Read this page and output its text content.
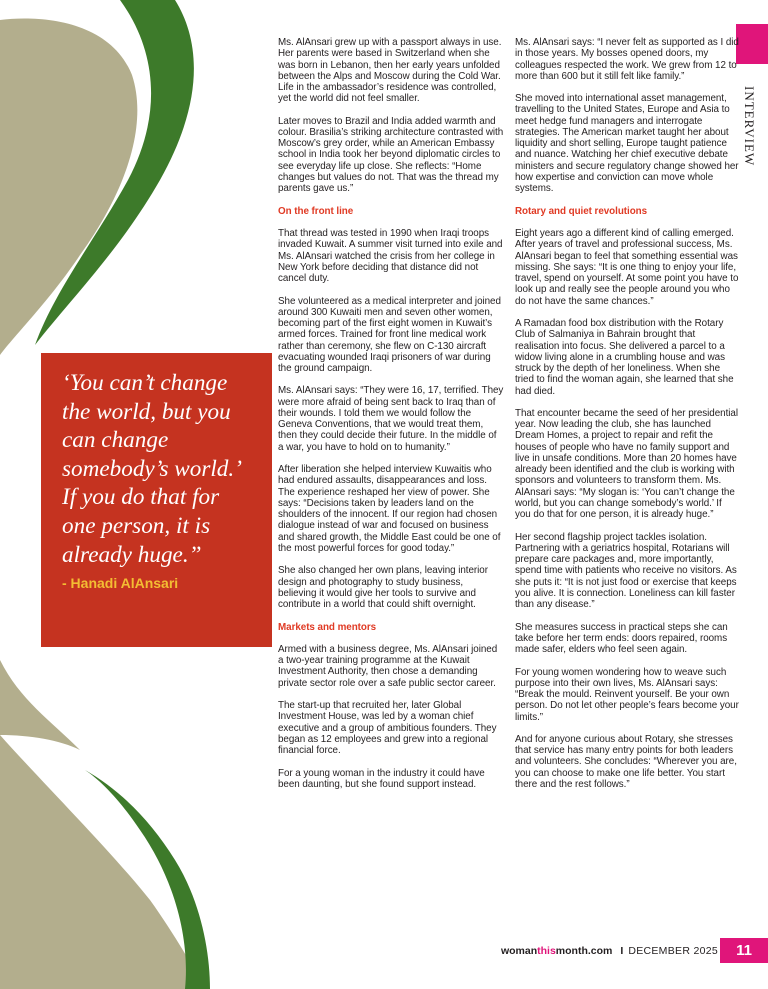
‘You can’t change the world, but you can change somebody’s world.’ If you do that for one person, it is already huge.”

- Hanadi AlAnsari
INTERVIEW

Ms. AlAnsari grew up with a passport always in use. Her parents were based in Switzerland when she was born in Lebanon, then her early years unfolded between the Alps and Moscow during the Cold War. Life in the ambassador’s residence was controlled, yet the world did not feel smaller.

Later moves to Brazil and India added warmth and colour. Brasilia’s striking architecture contrasted with Moscow’s grey order, while an American Embassy school in India took her beyond diplomatic circles to see everyday life up close. She reflects: “Home changes but values do not. That was the thread my parents gave us.”

On the front line

That thread was tested in 1990 when Iraqi troops invaded Kuwait. A summer visit turned into exile and Ms. AlAnsari watched the crisis from her college in New York before deciding that distance did not cancel duty.

She volunteered as a medical interpreter and joined around 300 Kuwaiti men and seven other women, becoming part of the first eight women in Kuwait’s armed forces. Trained for front line medical work rather than ceremony, she flew on C-130 aircraft evacuating wounded Iraqi prisoners of war during the ground campaign.

Ms. AlAnsari says: “They were 16, 17, terrified. They were more afraid of being sent back to Iraq than of their wounds. I told them we would follow the Geneva Conventions, that we would treat them, then they could decide their future. In the middle of a war, you have to hold on to humanity.”

After liberation she helped interview Kuwaitis who had endured assaults, disappearances and loss. The experience reshaped her view of power. She says: “Decisions taken by leaders land on the shoulders of the innocent. If our region had chosen dialogue instead of war and focused on business and shared growth, the Middle East could be one of the most powerful forces for good today.”

She also changed her own plans, leaving interior design and photography to study business, believing it would give her tools to survive and contribute in a world that could shift overnight.

Markets and mentors

Armed with a business degree, Ms. AlAnsari joined a two-year training programme at the Kuwait Investment Authority, then chose a demanding private sector role over a safe public sector career.

The start-up that recruited her, later Global Investment House, was led by a woman chief executive and a group of ambitious founders. They began as 12 employees and grew into a regional financial force.

For a young woman in the industry it could have been daunting, but she found support instead.

Ms. AlAnsari says: “I never felt as supported as I did in those years. My bosses opened doors, my colleagues respected the work. We grew from 12 to more than 600 but it still felt like family.”

She moved into international asset management, travelling to the United States, Europe and Asia to meet hedge fund managers and interrogate strategies. The American market taught her about liquidity and short selling, Europe taught patience and nuance. Watching her chief executive debate ministers and secure regulatory change showed her how expertise and conviction can move whole systems.

Rotary and quiet revolutions

Eight years ago a different kind of calling emerged. After years of travel and professional success, Ms. AlAnsari began to feel that something essential was missing. She says: “It is one thing to enjoy your life, travel, spend on yourself. At some point you have to look up and really see the people around you who do not have the same chances.”

A Ramadan food box distribution with the Rotary Club of Salmaniya in Bahrain brought that realisation into focus. She delivered a parcel to a widow living alone in a crumbling house and was struck by the depth of her loneliness. When she tried to find the woman again, she learned that she had died.

That encounter became the seed of her presidential year. Now leading the club, she has launched Dream Homes, a project to repair and refit the houses of people who have no family support and live in unsafe conditions. More than 20 homes have already been identified and the club is working with sponsors and volunteers to transform them. Ms. AlAnsari says: “My slogan is: ‘You can’t change the world, but you can change somebody’s world.’ If you do that for one person, it is already huge.”

Her second flagship project tackles isolation. Partnering with a geriatrics hospital, Rotarians will prepare care packages and, more importantly, spend time with patients who receive no visitors. As she puts it: “It is not just food or exercise that keeps you alive. It is connection. Loneliness can kill faster than any disease.”

She measures success in practical steps she can take before her term ends: doors repaired, rooms made safer, elders who feel seen again.

For young women wondering how to weave such purpose into their own lives, Ms. AlAnsari says: “Break the mould. Reinvent yourself. Be your own person. Do not let other people’s fears become your limits.”

And for anyone curious about Rotary, she stresses that service has many entry points for both leaders and volunteers. She concludes: “Wherever you are, you can choose to make one life better. You start there and the rest follows.”

womanthismonth.com I DECEMBER 2025	11
